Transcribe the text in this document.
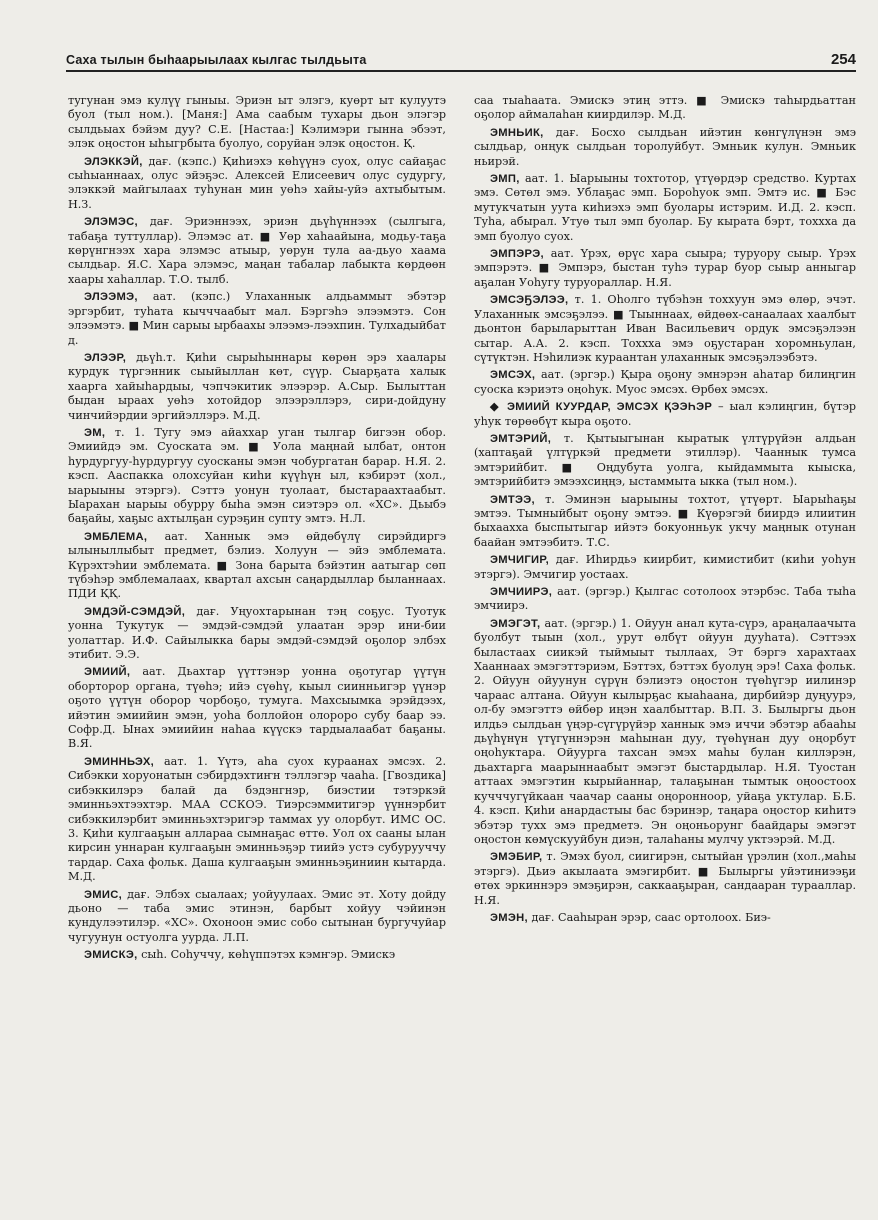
Саха тылын быһаарыылаах кылгас тылдьыта	254

тугунан эмэ кулүү гыныы. Эриэн ыт элэгэ, куөрт ыт кулуутэ буол (тыл ном.). [Маня:] Ама саабым тухары дьон элэгэр сылдьыах бэйэм дуу? С.Е. [Настаа:] Кэлимэри гынна эбээт, элэк оңостон ыһыгрбыта буолуо, соруйан элэк оңостон. Қ.

ЭЛЭККЭЙ, дағ. (кэпс.) Қиһиэхэ көһүүнэ суох, олус сайаҕас сыһыаннаах, олус эйэҕэс. Алексей Елисеевич олус судургу, элэккэй майгылаах туһунан мин уөһэ хайы-уйэ ахтыбытым. Н.З.

ЭЛЭМЭС, дағ. Эриэннээх, эриэн дьүһүннээх (сылгыга, табаҕа туттуллар). Элэмэс ат. ■ Уөр хаһаайына, модьу-таҕа көрүнгнээх хара элэмэс атыыр, уөрун тула аа-дьуо хаама сылдьар. Я.С. Хара элэмэс, маңан табалар лабыкта көрдөөн хаары хаһаллар. Т.О. тылб.

ЭЛЭЭМЭ, аат. (кэпс.) Улаханнык алдьаммыт эбэтэр эргэрбит, туһата кычччаабыт мал. Бэргэһэ элээмэтэ. Сон элээмэтэ. ■ Мин сарыы ырбаахы элээмэ-лээхпин. Тулхадыйбат д.

ЭЛЭЭР, дьүһ.т. Қиһи сырыһыннары көрөн эрэ хаалары курдук түргэнник сыыйыллан көт, сүүр. Сыарҕата халык хаарга хайыһардыы, чэпчэкитик элээрэр. А.Сыр. Былыттан быдан ыраах уөһэ хотойдор элээрэллэрэ, сири-дойдуну чинчийэрдии эргийэллэрэ. М.Д.

ЭМ, т. 1. Тугу эмэ айаххар уган тылгар бигээн обор. Эмиийдэ эм. Суоската эм. ■ Уола маңнай ылбат, онтон һурдургуу-һурдургуу суосканы эмэн чобургатан барар. Н.Я. 2. кэсп. Аaспакка олохсуйан киһи күүһүн ыл, кэбирэт (хол., ыарыыны этэргэ). Сэттэ уонун туолаат, быстараахтаабыт. Ыарахан ыарыы обурру быһа эмэн сиэтэрэ ол. «ХС». Дьыбэ баҕайы, хаҕыс ахтылҕан сурэҕин супту эмтэ. Н.Л.

ЭМБЛЕМА, аат. Ханнык эмэ өйдөбүлү сирэйдиргэ ылыныллыбыт предмет, бэлиэ. Холуун — эйэ эмблемата. Күрэхтэһии эмблемата. ■ Зона барыта бэйэтин аатыгар сөп түбэһэр эмблемалаах, квартал ахсын саңардыллар быланнаах. ПДИ ҚҚ.

ЭМДЭЙ-СЭМДЭЙ, дағ. Уңуохтарынан тэң соҕус. Туотук уонна Тукутук — эмдэй-сэмдэй улаатан эрэр ини-бии уолаттар. И.Ф. Сайылыкка бары эмдэй-сэмдэй оҕолор элбэх этибит. Э.Э.

ЭМИИЙ, аат. Дьахтар үүттэнэр уонна оҕотугар үүтүн оборторор органа, түөһэ; ийэ сүөһү, кыыл сиинньигэр үүнэр оҕото үүтүн оборор чорбоҕо, тумуга. Махсыымка эрэйдээх, ийэтин эмиийин эмэн, уоһа боллойон олороро субу баар ээ. Софр.Д. Ынах эмиийин наһаа күүскэ тардыалаабат баҕаны. В.Я.

ЭМИННЬЭХ, аат. 1. Үүтэ, аһа суох кураанах эмсэх. 2. Сибэкки хоруонатын сэбирдэхтиҥн тэллэгэр чааһа. [Гвоздика] сибэккилэрэ балай да бэдэнгнэр, биэстии тэтэркэй эминньэхтээхтэр. МАА ССКОЭ. Тиэрсэммитигэр үүннэрбит сибэккилэрбит эминньэхтэригэр таммах уу олорбут. ИМС ОС. 3. Қиһи кулгааҕын аллараа сымнаҕас өттө. Уол ох сааны ылан кирсин уннаран кулгааҕын эминньэҕэр тиийэ устэ субурууччу тардар. Саха фольк. Даша кулгааҕын эминньэҕиниин кытарда. М.Д.

ЭМИС, дағ. Элбэх сыалаах; уойуулаах. Эмис эт. Хоту дойду дьоно — таба эмис этинэн, барбыт хойуу чэйинэн кундулээтилэр. «ХС». Охоноон эмис собо сытынан бургучуйар чугуунун остуолга уурда. Л.П.

ЭМИСКЭ, сыһ. Соһуччу, көһүппэтэх кэмҥэр. Эмискэ

саа тыаһаата. Эмискэ этиң эттэ. ■ Эмискэ таһырдьаттан оҕолор аймалаһан киирдилэр. М.Д.

ЭМНЬИК, дағ. Босхо сылдьан ийэтин көнгүлүнэн эмэ сылдьар, онңук сылдьан торолуйбут. Эмньик кулун. Эмньик ньирэй.

ЭМП, аат. 1. Ыарыыны тохтотор, үтүөрдэр средство. Куртах эмэ. Сөтөл эмэ. Ублаҕас эмп. Бороһуок эмп. Эмтэ ис. ■ Бэс мутукчатын уута киһиэхэ эмп буолары истэрим. И.Д. 2. кэсп. Туһа, абырал. Утуө тыл эмп буолар. Бу кырата бэрт, тоххха да эмп буолуо суох.

ЭМПЭРЭ, аат. Үрэх, өрүс хара сыыра; туруору сыыр. Үрэх эмпэрэтэ. ■ Эмпэрэ, быстан туһэ турар буор сыыр анныгар аҕалан Уоһугу туруораллар. Н.Я.

ЭМСЭҔЭЛЭЭ, т. 1. Оһолго түбэһэн тоххуун эмэ өлөр, эчэт. Улаханнык эмсэҕэлээ. ■ Тыыннаах, өйдөөх-санаалаах хаалбыт дьонтон барыларыттан Иван Васильевич ордук эмсэҕэлээн сытар. А.А. 2. кэсп. Тоххха эмэ оҕустаран хоромньулан, сүтүктэн. Нэһилиэк кураантан улаханнык эмсэҕэлээбэтэ.

ЭМСЭХ, аат. (эргэр.) Қыра оҕону эмнэрэн аһатар билиңгин суоска кэриэтэ оңоһук. Муос эмсэх. Өрбөх эмсэх.

◆ ЭМИИЙ КУУРДАР, ЭМСЭХ ҚЭЭҺЭР – ыал кэлиңгин, бүтэр уһук төрөөбүт кыра оҕото.

ЭМТЭРИЙ, т. Қытыыгынан кыратык үлтүрүйэн алдьан (хаптаҕай үлтүркэй предмети этиллэр). Чааннык тумса эмтэрийбит. ■ Оңдубута уолга, кыйдаммыта кыыска, эмтэрийбитэ эмээхсиңңэ, ыстаммыта ыкка (тыл ном.).

ЭМТЭЭ, т. Эминэн ыарыыны тохтот, үтүөрт. Ыарыһаҕы эмтээ. Тымныйбыт оҕону эмтээ. ■ Күөрэгэй биирдэ илиитин быхаахха быспытыгар ийэтэ бокуонньук укчу маңнык отунан баайан эмтээбитэ. Т.С.

ЭМЧИГИР, дағ. Иһирдьэ киирбит, кимистибит (киһи уоһун этэргэ). Эмчигир уостаах.

ЭМЧИИРЭ, аат. (эргэр.) Қылгас сотолоох этэрбэс. Таба тыһа эмчиирэ.

ЭМЭГЭТ, аат. (эргэр.) 1. Ойуун анал кута-сүрэ, араңалаачыта буолбут тыын (хол., урут өлбүт ойуун дууһата). Сэттээх быластаах сиикэй тыймыыт тыллаах, Эт бэргэ харахтаах Хааннаах эмэгэттэриэм, Бэттэх, бэттэх буолуң эрэ! Саха фольк. 2. Ойуун ойуунун сүрүн бэлиэтэ оңостон түөһүгэр иилинэр чараас алтана. Ойуун кылырҕас кыаһаана, дирбийэр дуңуурэ, ол-бу эмэгэттэ өйбөр иңэн хаалбыттар. В.П. 3. Былыргы дьон илдьэ сылдьан үңэр-сүгүрүйэр ханнык эмэ иччи эбэтэр абааһы дьүһүнүн үтүгүннэрэн маһынан дуу, түөһүнан дуу оңорбут оңоһуктара. Ойуурга тахсан эмэх маһы булан киллэрэн, дьахтарга маарыннаабыт эмэгэт быстардылар. Н.Я. Туостан аттаах эмэгэтин кырыйаннар, талаҕынан тымтык оңоостоох кучччугүйкаан чаачар сааны оңоронноор, уйаҕа уктулар. Б.Б. 4. кэсп. Қиһи анардастыы бас бэринэр, таңара оңостор киһитэ эбэтэр тухх эмэ предметэ. Эн оңоньорунг баайдары эмэгэт оңостон көмүскууйбун диэн, талаһаны мулчу уктээрэй. М.Д.

ЭМЭБИР, т. Эмэх буол, сиигирэн, сытыйан үрэлин (хол.,маһы этэргэ). Дьиэ акылаата эмэгирбит. ■ Былыргы уйэтиниээҕи өтөх эркиннэрэ эмэҕирэн, саккааҕыран, сандааран турааллар. Н.Я.

ЭМЭН, дағ. Сааһыран эрэр, саас ортолоох. Биэ-
